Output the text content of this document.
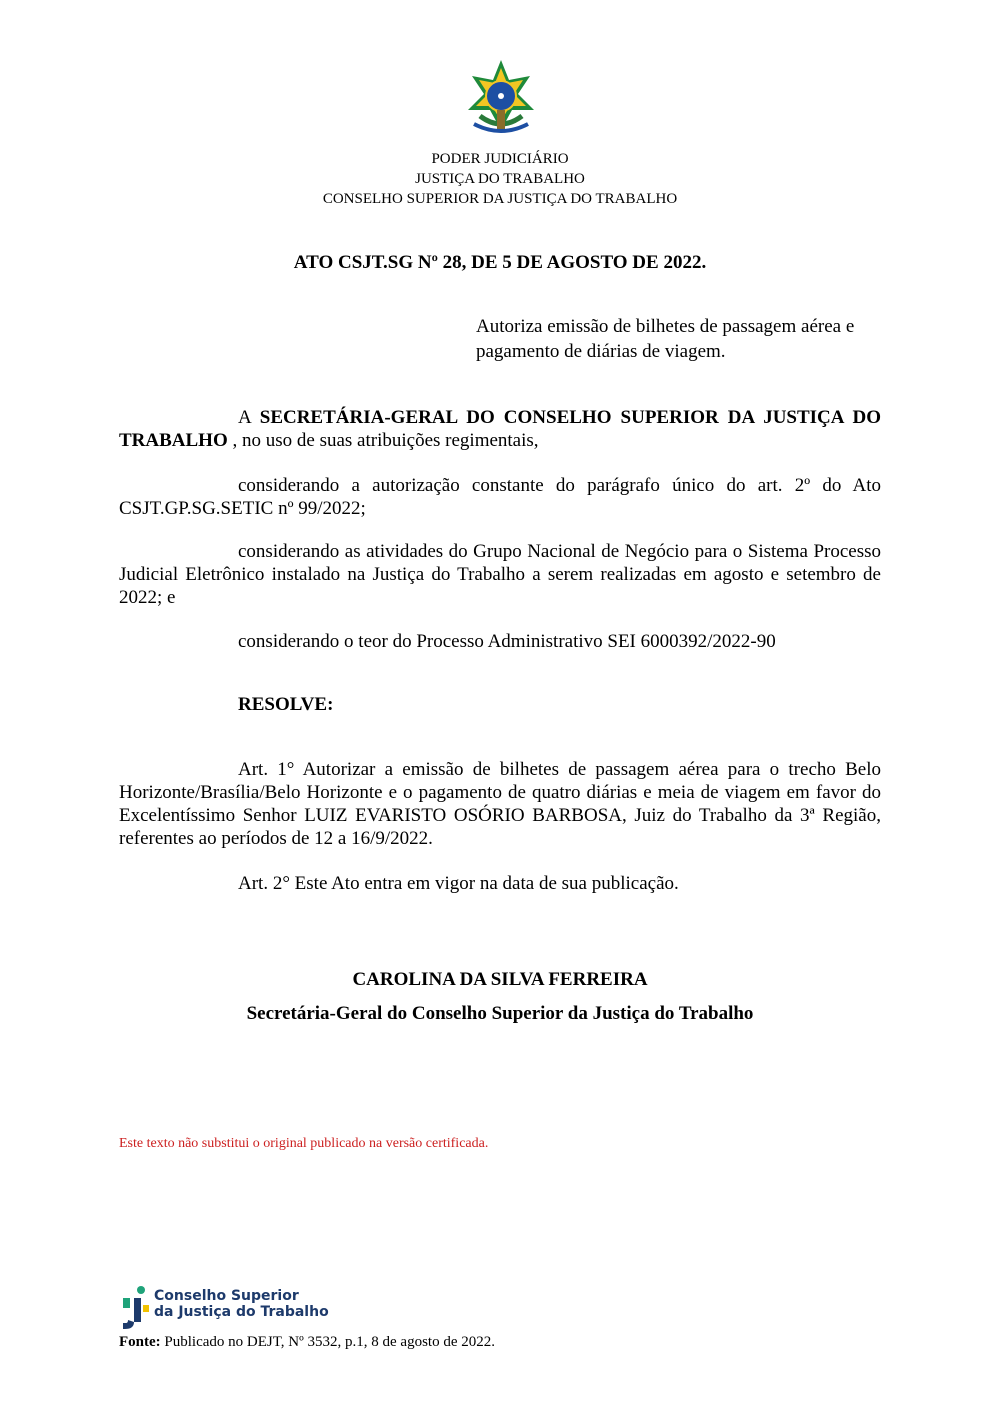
PODER JUDICIÁRIO
JUSTIÇA DO TRABALHO
CONSELHO SUPERIOR DA JUSTIÇA DO TRABALHO
ATO CSJT.SG Nº 28, DE 5 DE AGOSTO DE 2022.
Autoriza emissão de bilhetes de passagem aérea e pagamento de diárias de viagem.
A SECRETÁRIA-GERAL DO CONSELHO SUPERIOR DA JUSTIÇA DO TRABALHO , no uso de suas atribuições regimentais,
considerando a autorização constante do parágrafo único do art. 2º do Ato CSJT.GP.SG.SETIC nº 99/2022;
considerando as atividades do Grupo Nacional de Negócio para o Sistema Processo Judicial Eletrônico instalado na Justiça do Trabalho a serem realizadas em agosto e setembro de 2022; e
considerando o teor do Processo Administrativo SEI 6000392/2022-90
RESOLVE:
Art. 1° Autorizar a emissão de bilhetes de passagem aérea para o trecho Belo Horizonte/Brasília/Belo Horizonte e o pagamento de quatro diárias e meia de viagem em favor do Excelentíssimo Senhor LUIZ EVARISTO OSÓRIO BARBOSA, Juiz do Trabalho da 3ª Região, referentes ao períodos de 12 a 16/9/2022.
Art. 2° Este Ato entra em vigor na data de sua publicação.
CAROLINA DA SILVA FERREIRA
Secretária-Geral do Conselho Superior da Justiça do Trabalho
Este texto não substitui o original publicado na versão certificada.
Conselho Superior
da Justiça do Trabalho
Fonte: Publicado no DEJT, Nº 3532, p.1, 8 de agosto de 2022.
